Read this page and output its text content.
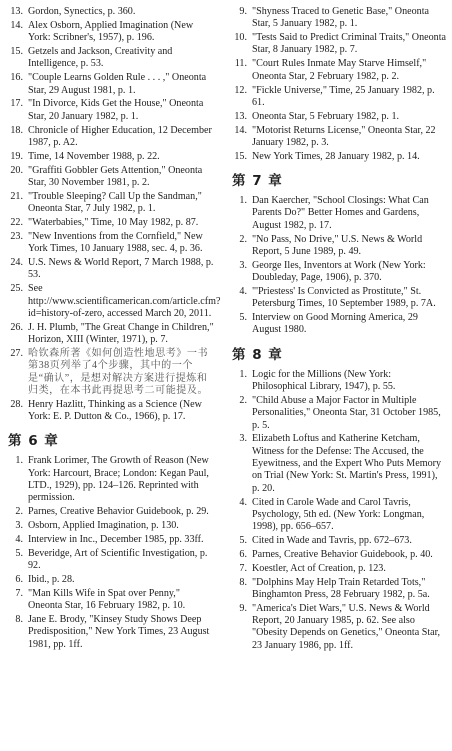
13. Gordon, Synectics, p. 360.
14. Alex Osborn, Applied Imagination (New York: Scribner's, 1957), p. 196.
15. Getzels and Jackson, Creativity and Intelligence, p. 53.
16. "Couple Learns Golden Rule . . . ," Oneonta Star, 29 August 1981, p. 1.
17. "In Divorce, Kids Get the House," Oneonta Star, 20 January 1982, p. 1.
18. Chronicle of Higher Education, 12 December 1987, p. A2.
19. Time, 14 November 1988, p. 22.
20. "Graffiti Gobbler Gets Attention," Oneonta Star, 30 November 1981, p. 2.
21. "Trouble Sleeping? Call Up the Sandman," Oneonta Star, 7 July 1982, p. 1.
22. "Waterbabies," Time, 10 May 1982, p. 87.
23. "New Inventions from the Cornfield," New York Times, 10 January 1988, sec. 4, p. 36.
24. U.S. News & World Report, 7 March 1988, p. 53.
25. See http://www.scientificamerican.com/article.cfm?id=history-of-zero, accessed March 20, 2011.
26. J. H. Plumb, "The Great Change in Children," Horizon, XIII (Winter, 1971), p. 7.
27. 哈钦森所著《如何创造性地思考》一书第38页列举了4个步骤，其中的一个是“确认”，是想对解决方案进行提炼和归类，在本书此再提思考二可能提及。
28. Henry Hazlitt, Thinking as a Science (New York: E. P. Dutton & Co., 1966), p. 17.
第 6 章
1. Frank Lorimer, The Growth of Reason (New York: Harcourt, Brace; London: Kegan Paul, LTD., 1929), pp. 124–126. Reprinted with permission.
2. Parnes, Creative Behavior Guidebook, p. 29.
3. Osborn, Applied Imagination, p. 130.
4. Interview in Inc., December 1985, pp. 33ff.
5. Beveridge, Art of Scientific Investigation, p. 92.
6. Ibid., p. 28.
7. "Man Kills Wife in Spat over Penny," Oneonta Star, 16 February 1982, p. 10.
8. Jane E. Brody, "Kinsey Study Shows Deep Predisposition," New York Times, 23 August 1981, pp. 1ff.
9. "Shyness Traced to Genetic Base," Oneonta Star, 5 January 1982, p. 1.
10. "Tests Said to Predict Criminal Traits," Oneonta Star, 8 January 1982, p. 7.
11. "Court Rules Inmate May Starve Himself," Oneonta Star, 2 February 1982, p. 2.
12. "Fickle Universe," Time, 25 January 1982, p. 61.
13. Oneonta Star, 5 February 1982, p. 1.
14. "Motorist Returns License," Oneonta Star, 22 January 1982, p. 3.
15. New York Times, 28 January 1982, p. 14.
第 7 章
1. Dan Kaercher, "School Closings: What Can Parents Do?" Better Homes and Gardens, August 1982, p. 17.
2. "No Pass, No Drive," U.S. News & World Report, 5 June 1989, p. 49.
3. George Iles, Inventors at Work (New York: Doubleday, Page, 1906), p. 370.
4. "'Priestess' Is Convicted as Prostitute," St. Petersburg Times, 10 September 1989, p. 7A.
5. Interview on Good Morning America, 29 August 1980.
第 8 章
1. Logic for the Millions (New York: Philosophical Library, 1947), p. 55.
2. "Child Abuse a Major Factor in Multiple Personalities," Oneonta Star, 31 October 1985, p. 5.
3. Elizabeth Loftus and Katherine Ketcham, Witness for the Defense: The Accused, the Eyewitness, and the Expert Who Puts Memory on Trial (New York: St. Martin's Press, 1991), p. 20.
4. Cited in Carole Wade and Carol Tavris, Psychology, 5th ed. (New York: Longman, 1998), pp. 656–657.
5. Cited in Wade and Tavris, pp. 672–673.
6. Parnes, Creative Behavior Guidebook, p. 40.
7. Koestler, Act of Creation, p. 123.
8. "Dolphins May Help Train Retarded Tots," Binghamton Press, 28 February 1982, p. 5a.
9. "America's Diet Wars," U.S. News & World Report, 20 January 1985, p. 62. See also "Obesity Depends on Genetics," Oneonta Star, 23 January 1986, pp. 1ff.
